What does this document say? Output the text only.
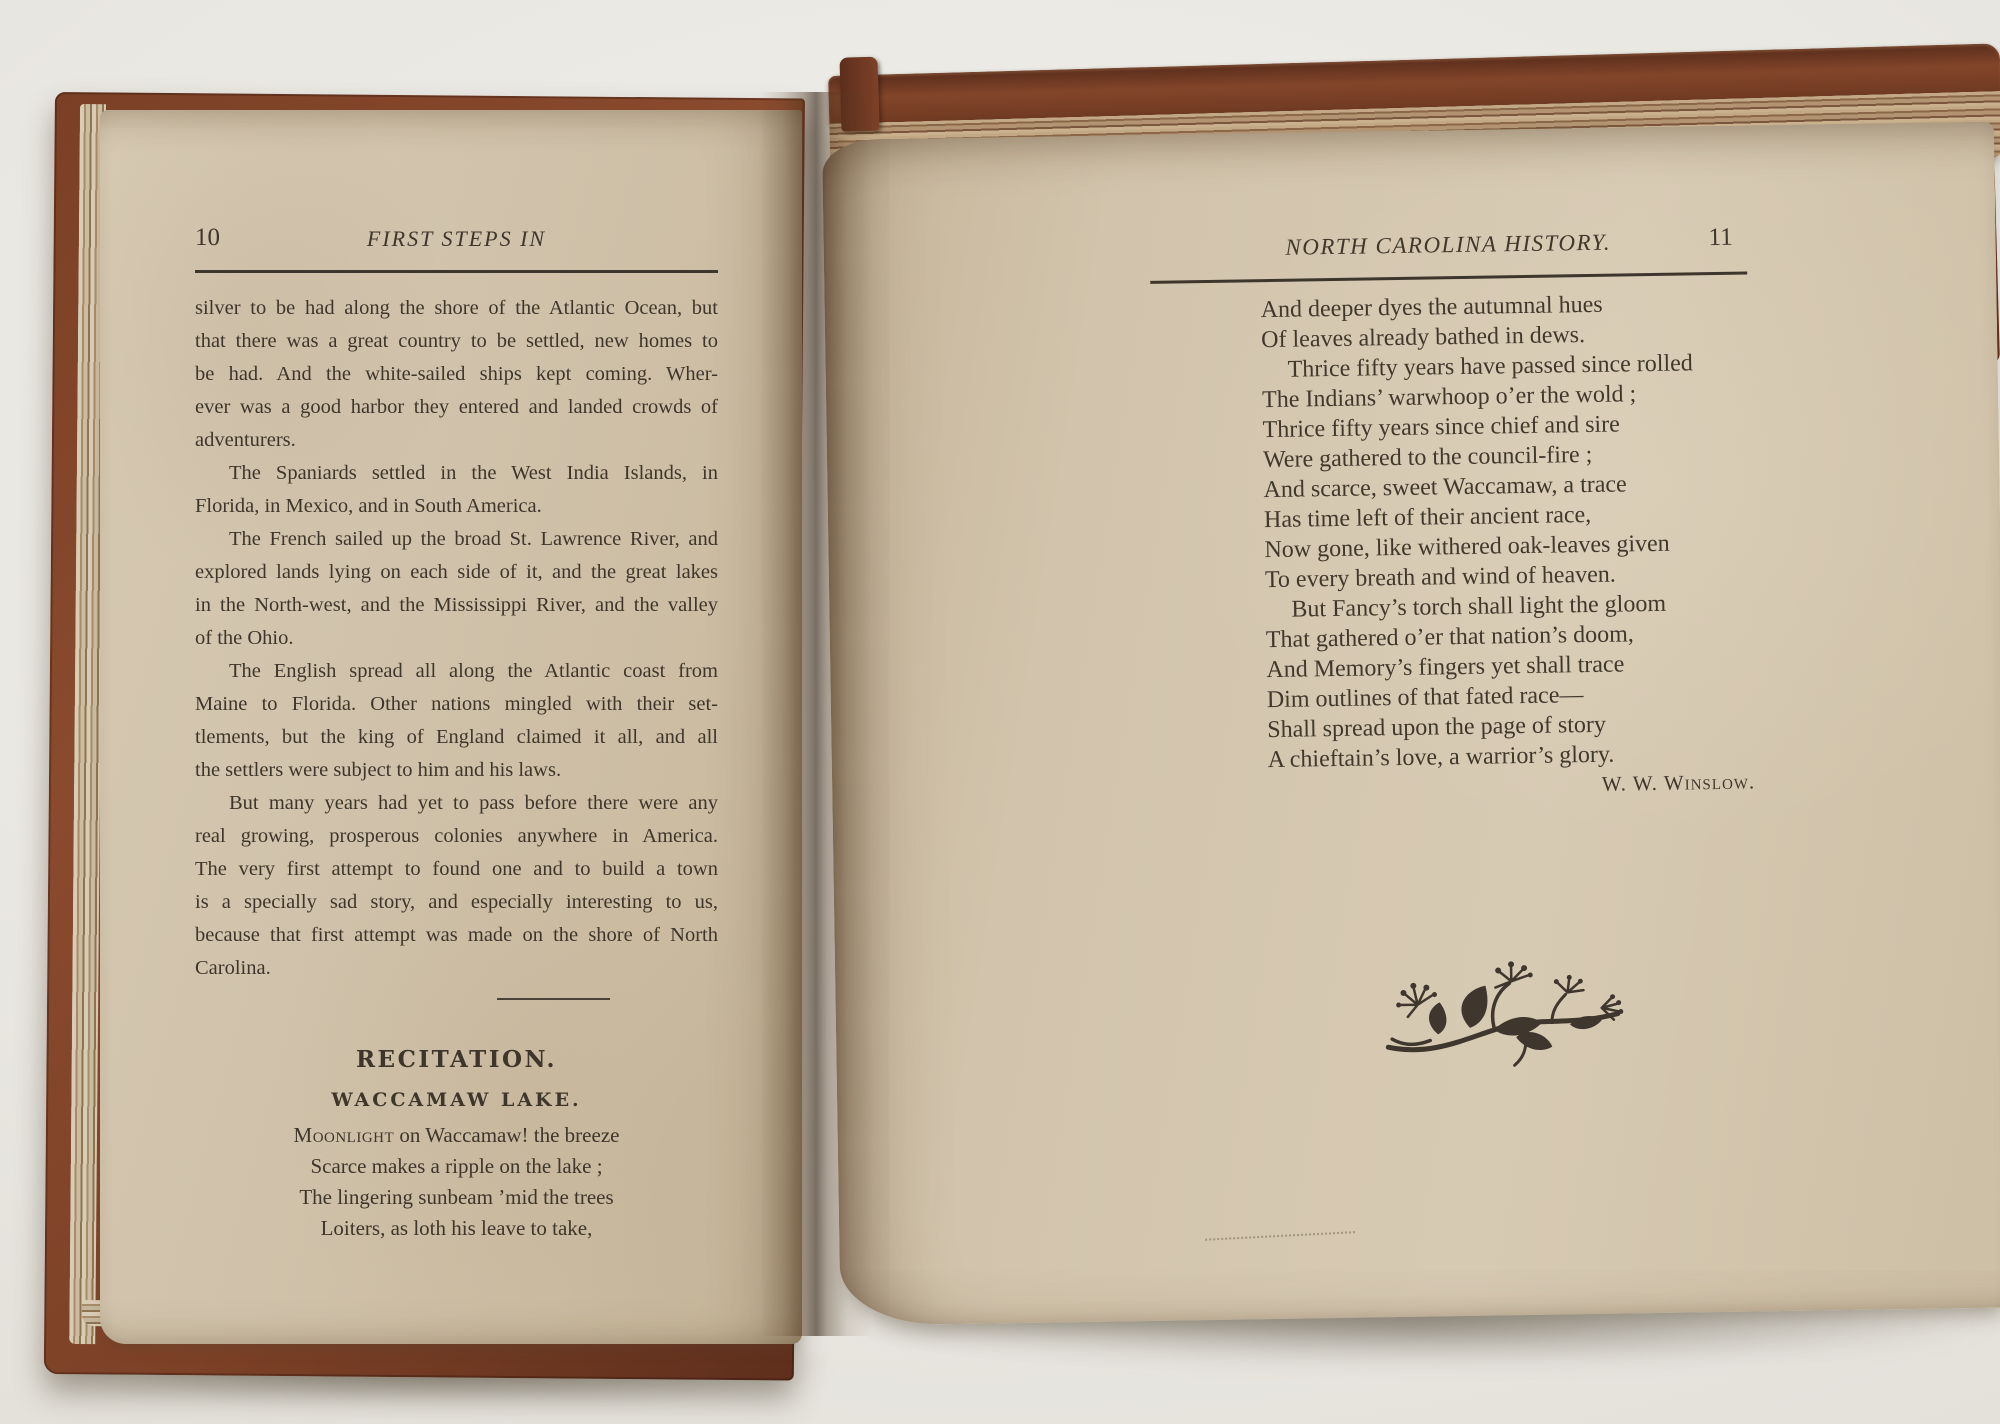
NORTH CAROLINA HISTORY.	11
And deeper dyes the autumnal hues
Of leaves already bathed in dews.
Thrice fifty years have passed since rolled
The Indians’ warwhoop o’er the wold ;
Thrice fifty years since chief and sire
Were gathered to the council-fire ;
And scarce, sweet Waccamaw, a trace
Has time left of their ancient race,
Now gone, like withered oak-leaves given
To every breath and wind of heaven.
But Fancy’s torch shall light the gloom
That gathered o’er that nation’s doom,
And Memory’s fingers yet shall trace
Dim outlines of that fated race—
Shall spread upon the page of story
A chieftain’s love, a warrior’s glory.
W. W. Winslow.
10	FIRST STEPS IN
silver to be had along the shore of the Atlantic Ocean, but
that there was a great country to be settled, new homes to
be had. And the white-sailed ships kept coming. Wher-
ever was a good harbor they entered and landed crowds of
adventurers.
The Spaniards settled in the West India Islands, in
Florida, in Mexico, and in South America.
The French sailed up the broad St. Lawrence River, and
explored lands lying on each side of it, and the great lakes
in the North-west, and the Mississippi River, and the valley
of the Ohio.
The English spread all along the Atlantic coast from
Maine to Florida. Other nations mingled with their set-
tlements, but the king of England claimed it all, and all
the settlers were subject to him and his laws.
But many years had yet to pass before there were any
real growing, prosperous colonies anywhere in America.
The very first attempt to found one and to build a town
is a specially sad story, and especially interesting to us,
because that first attempt was made on the shore of North
Carolina.
RECITATION.
WACCAMAW LAKE.
Moonlight on Waccamaw! the breeze
Scarce makes a ripple on the lake ;
The lingering sunbeam ’mid the trees
Loiters, as loth his leave to take,
